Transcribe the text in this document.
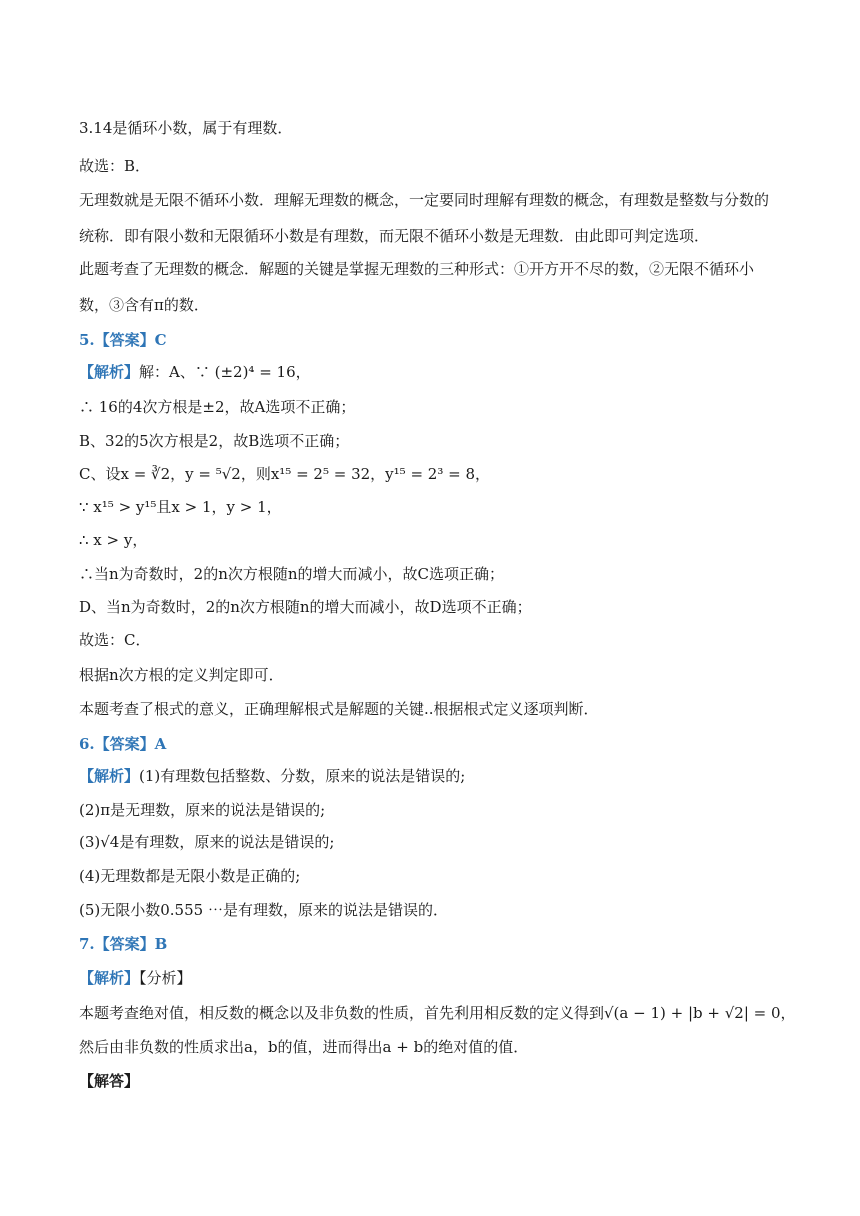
3.14是循环小数，属于有理数．
故选：B．
无理数就是无限不循环小数．理解无理数的概念，一定要同时理解有理数的概念，有理数是整数与分数的
统称．即有限小数和无限循环小数是有理数，而无限不循环小数是无理数．由此即可判定选项．
此题考查了无理数的概念．解题的关键是掌握无理数的三种形式：①开方开不尽的数，②无限不循环小
数，③含有π的数．
5.【答案】C
【解析】解：A、∵ (±2)⁴ = 16，
∴ 16的4次方根是±2，故A选项不正确；
B、32的5次方根是2，故B选项不正确；
C、设x = ∛2，y = ⁵√2，则x¹⁵ = 2⁵ = 32，y¹⁵ = 2³ = 8，
∵ x¹⁵ > y¹⁵且x > 1，y > 1，
∴ x > y，
∴当n为奇数时，2的n次方根随n的增大而减小，故C选项正确；
D、当n为奇数时，2的n次方根随n的增大而减小，故D选项不正确；
故选：C．
根据n次方根的定义判定即可．
本题考查了根式的意义，正确理解根式是解题的关键..根据根式定义逐项判断．
6.【答案】A
【解析】(1)有理数包括整数、分数，原来的说法是错误的;
(2)π是无理数，原来的说法是错误的;
(3)√4是有理数，原来的说法是错误的;
(4)无理数都是无限小数是正确的;
(5)无限小数0.555 ⋯是有理数，原来的说法是错误的．
7.【答案】B
【解析】【分析】
本题考查绝对值，相反数的概念以及非负数的性质，首先利用相反数的定义得到√(a − 1) + |b + √2| = 0，
然后由非负数的性质求出a，b的值，进而得出a + b的绝对值的值．
【解答】
